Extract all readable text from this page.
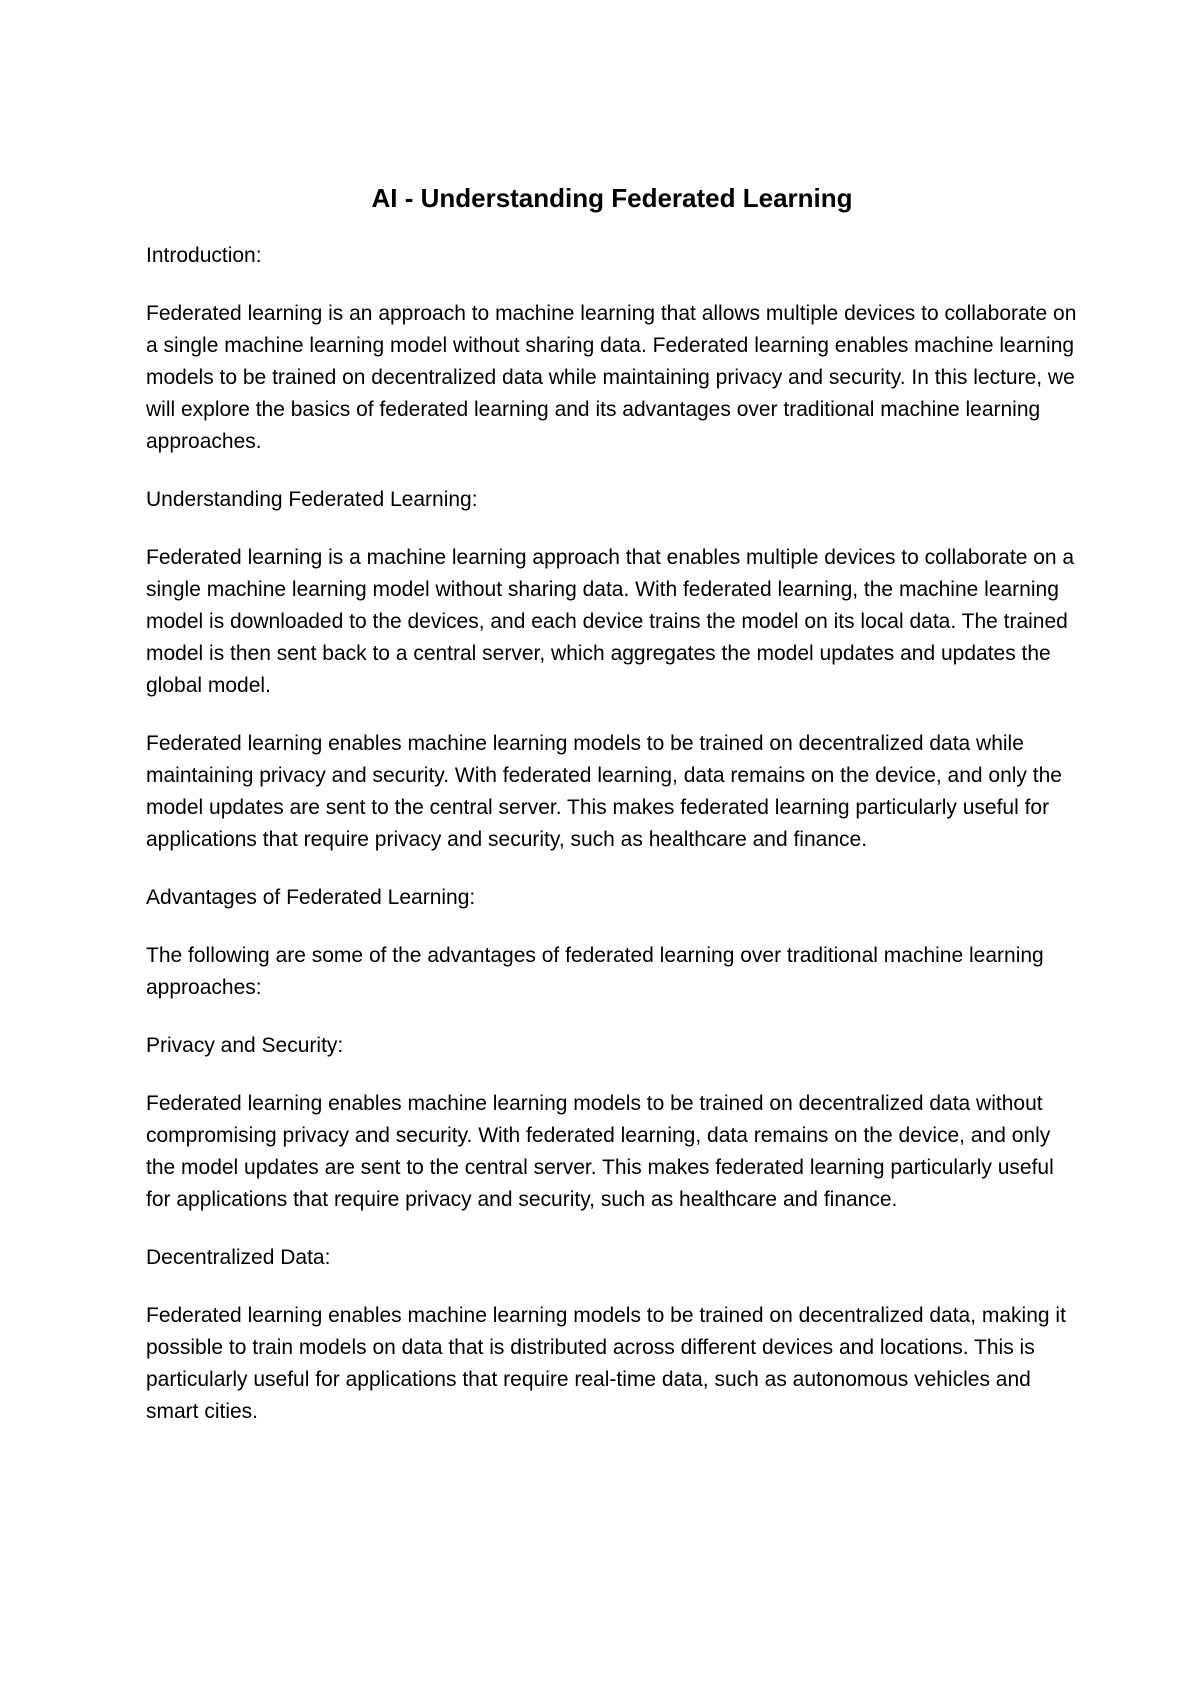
AI - Understanding Federated Learning
Introduction:
Federated learning is an approach to machine learning that allows multiple devices to collaborate on a single machine learning model without sharing data. Federated learning enables machine learning models to be trained on decentralized data while maintaining privacy and security. In this lecture, we will explore the basics of federated learning and its advantages over traditional machine learning approaches.
Understanding Federated Learning:
Federated learning is a machine learning approach that enables multiple devices to collaborate on a single machine learning model without sharing data. With federated learning, the machine learning model is downloaded to the devices, and each device trains the model on its local data. The trained model is then sent back to a central server, which aggregates the model updates and updates the global model.
Federated learning enables machine learning models to be trained on decentralized data while maintaining privacy and security. With federated learning, data remains on the device, and only the model updates are sent to the central server. This makes federated learning particularly useful for applications that require privacy and security, such as healthcare and finance.
Advantages of Federated Learning:
The following are some of the advantages of federated learning over traditional machine learning approaches:
Privacy and Security:
Federated learning enables machine learning models to be trained on decentralized data without compromising privacy and security. With federated learning, data remains on the device, and only the model updates are sent to the central server. This makes federated learning particularly useful for applications that require privacy and security, such as healthcare and finance.
Decentralized Data:
Federated learning enables machine learning models to be trained on decentralized data, making it possible to train models on data that is distributed across different devices and locations. This is particularly useful for applications that require real-time data, such as autonomous vehicles and smart cities.
